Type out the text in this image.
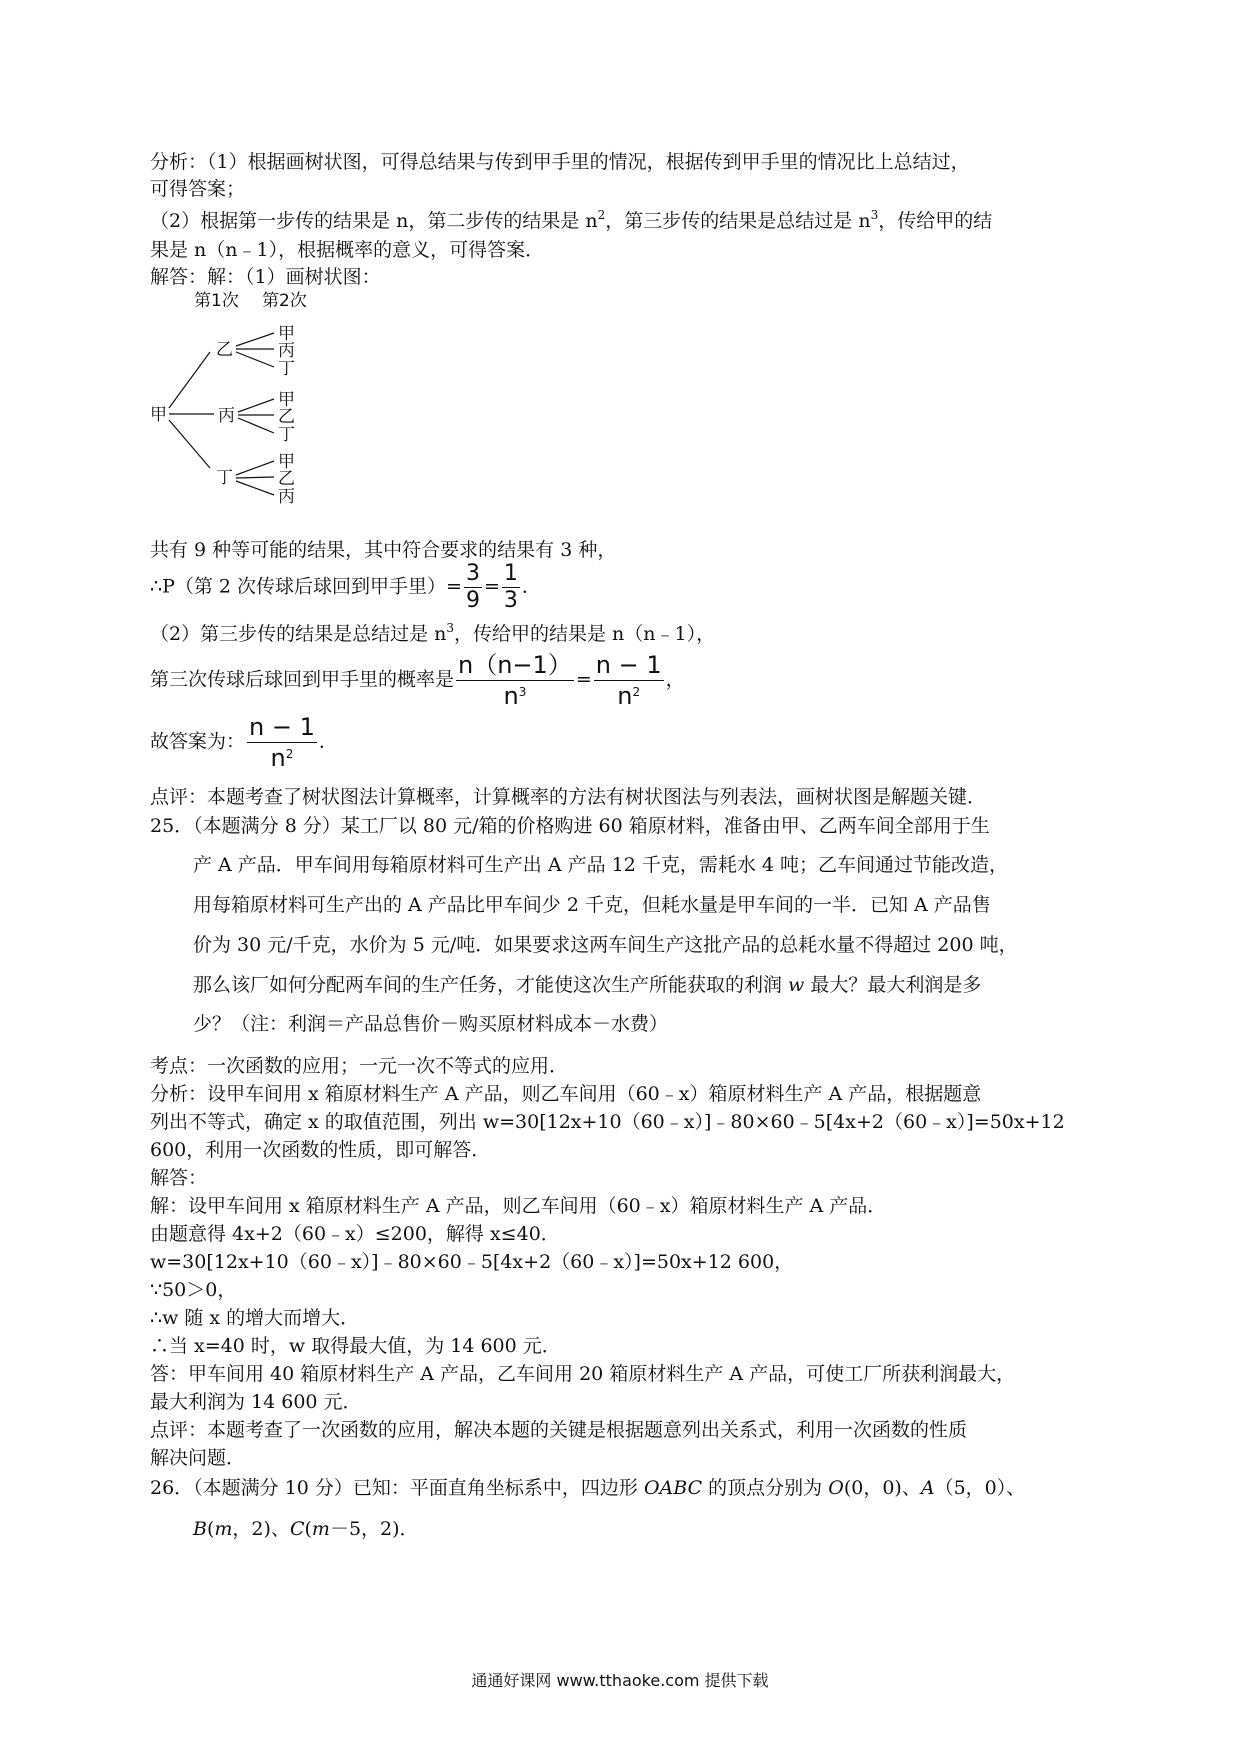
分析：（1）根据画树状图，可得总结果与传到甲手里的情况，根据传到甲手里的情况比上总结过，
可得答案；
（2）根据第一步传的结果是 n，第二步传的结果是 $n^2$，第三步传的结果是总结过是 $n^3$，传给甲的结
果是 n（n﹣1），根据概率的意义，可得答案．
解答：解：（1）画树状图：
第1次 第2次
甲
乙
丙
丁
甲
丙
丁
甲
乙
丁
甲
乙
丙
共有 9 种等可能的结果，其中符合要求的结果有 3 种，
∴P（第 2 次传球后球回到甲手里）= $\frac{3}{9} = \frac{1}{3}$ ．
（2）第三步传的结果是总结过是 $n^3$，传给甲的结果是 n（n﹣1），
第三次传球后球回到甲手里的概率是 $\frac{n(n-1)}{n^3} = \frac{n - 1}{n^2}$ ，
故答案为： $\frac{n - 1}{n^2}$ ．
点评：本题考查了树状图法计算概率，计算概率的方法有树状图法与列表法，画树状图是解题关键．
25．（本题满分 8 分）某工厂以 80 元/箱的价格购进 60 箱原材料，准备由甲、乙两车间全部用于生
产 A 产品．甲车间用每箱原材料可生产出 A 产品 12 千克，需耗水 4 吨；乙车间通过节能改造，
用每箱原材料可生产出的 A 产品比甲车间少 2 千克，但耗水量是甲车间的一半．已知 A 产品售
价为 30 元/千克，水价为 5 元/吨．如果要求这两车间生产这批产品的总耗水量不得超过 200 吨，
那么该厂如何分配两车间的生产任务，才能使这次生产所能获取的利润 w 最大？最大利润是多
少？（注：利润＝产品总售价－购买原材料成本－水费）
考点：一次函数的应用；一元一次不等式的应用．
分析：设甲车间用 x 箱原材料生产 A 产品，则乙车间用（60﹣x）箱原材料生产 A 产品，根据题意
列出不等式，确定 x 的取值范围，列出 w=30[12x+10（60﹣x）]﹣80×60﹣5[4x+2（60﹣x）]=50x+12
600，利用一次函数的性质，即可解答．
解答：
解：设甲车间用 x 箱原材料生产 A 产品，则乙车间用（60﹣x）箱原材料生产 A 产品．
由题意得 4x+2（60﹣x）≤200，解得 x≤40．
w=30[12x+10（60﹣x）]﹣80×60﹣5[4x+2（60﹣x）]=50x+12 600，
∵50＞0，
∴w 随 x 的增大而增大．
∴当 x=40 时，w 取得最大值，为 14 600 元．
答：甲车间用 40 箱原材料生产 A 产品，乙车间用 20 箱原材料生产 A 产品，可使工厂所获利润最大，
最大利润为 14 600 元．
点评：本题考查了一次函数的应用，解决本题的关键是根据题意列出关系式，利用一次函数的性质
解决问题．
26．（本题满分 10 分）已知：平面直角坐标系中，四边形 OABC 的顶点分别为 O(0，0)、A（5，0）、
B(m，2)、C(m－5，2)．
通通好课网 www.tthaoke.com 提供下载
